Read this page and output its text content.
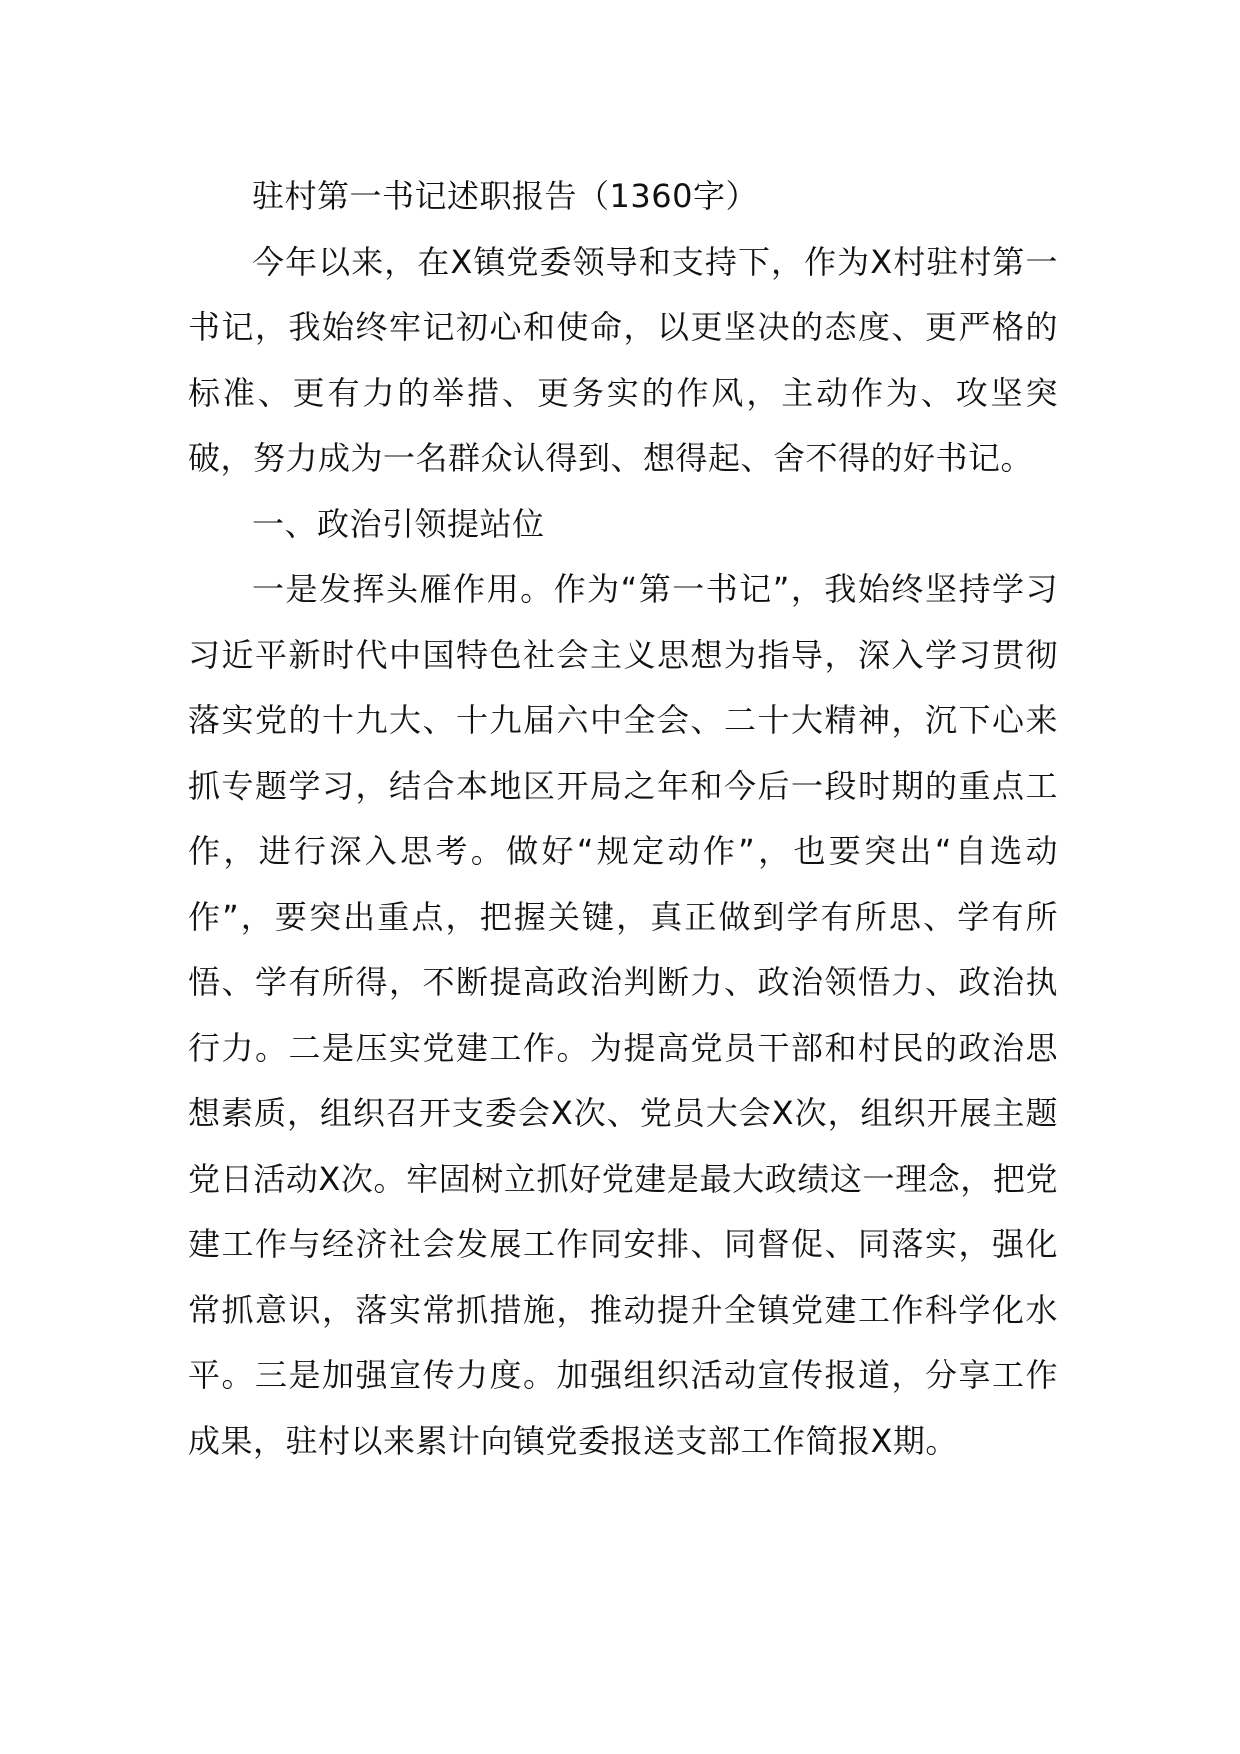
驻村第一书记述职报告（1360字）

今年以来，在X镇党委领导和支持下，作为X村驻村第一书记，我始终牢记初心和使命，以更坚决的态度、更严格的标准、更有力的举措、更务实的作风，主动作为、攻坚突破，努力成为一名群众认得到、想得起、舍不得的好书记。

一、政治引领提站位

一是发挥头雁作用。作为“第一书记”，我始终坚持学习习近平新时代中国特色社会主义思想为指导，深入学习贯彻落实党的十九大、十九届六中全会、二十大精神，沉下心来抓专题学习，结合本地区开局之年和今后一段时期的重点工作，进行深入思考。做好“规定动作”，也要突出“自选动作”，要突出重点，把握关键，真正做到学有所思、学有所悟、学有所得，不断提高政治判断力、政治领悟力、政治执行力。二是压实党建工作。为提高党员干部和村民的政治思想素质，组织召开支委会X次、党员大会X次，组织开展主题党日活动X次。牢固树立抓好党建是最大政绩这一理念，把党建工作与经济社会发展工作同安排、同督促、同落实，强化常抓意识，落实常抓措施，推动提升全镇党建工作科学化水平。三是加强宣传力度。加强组织活动宣传报道，分享工作成果，驻村以来累计向镇党委报送支部工作简报X期。
